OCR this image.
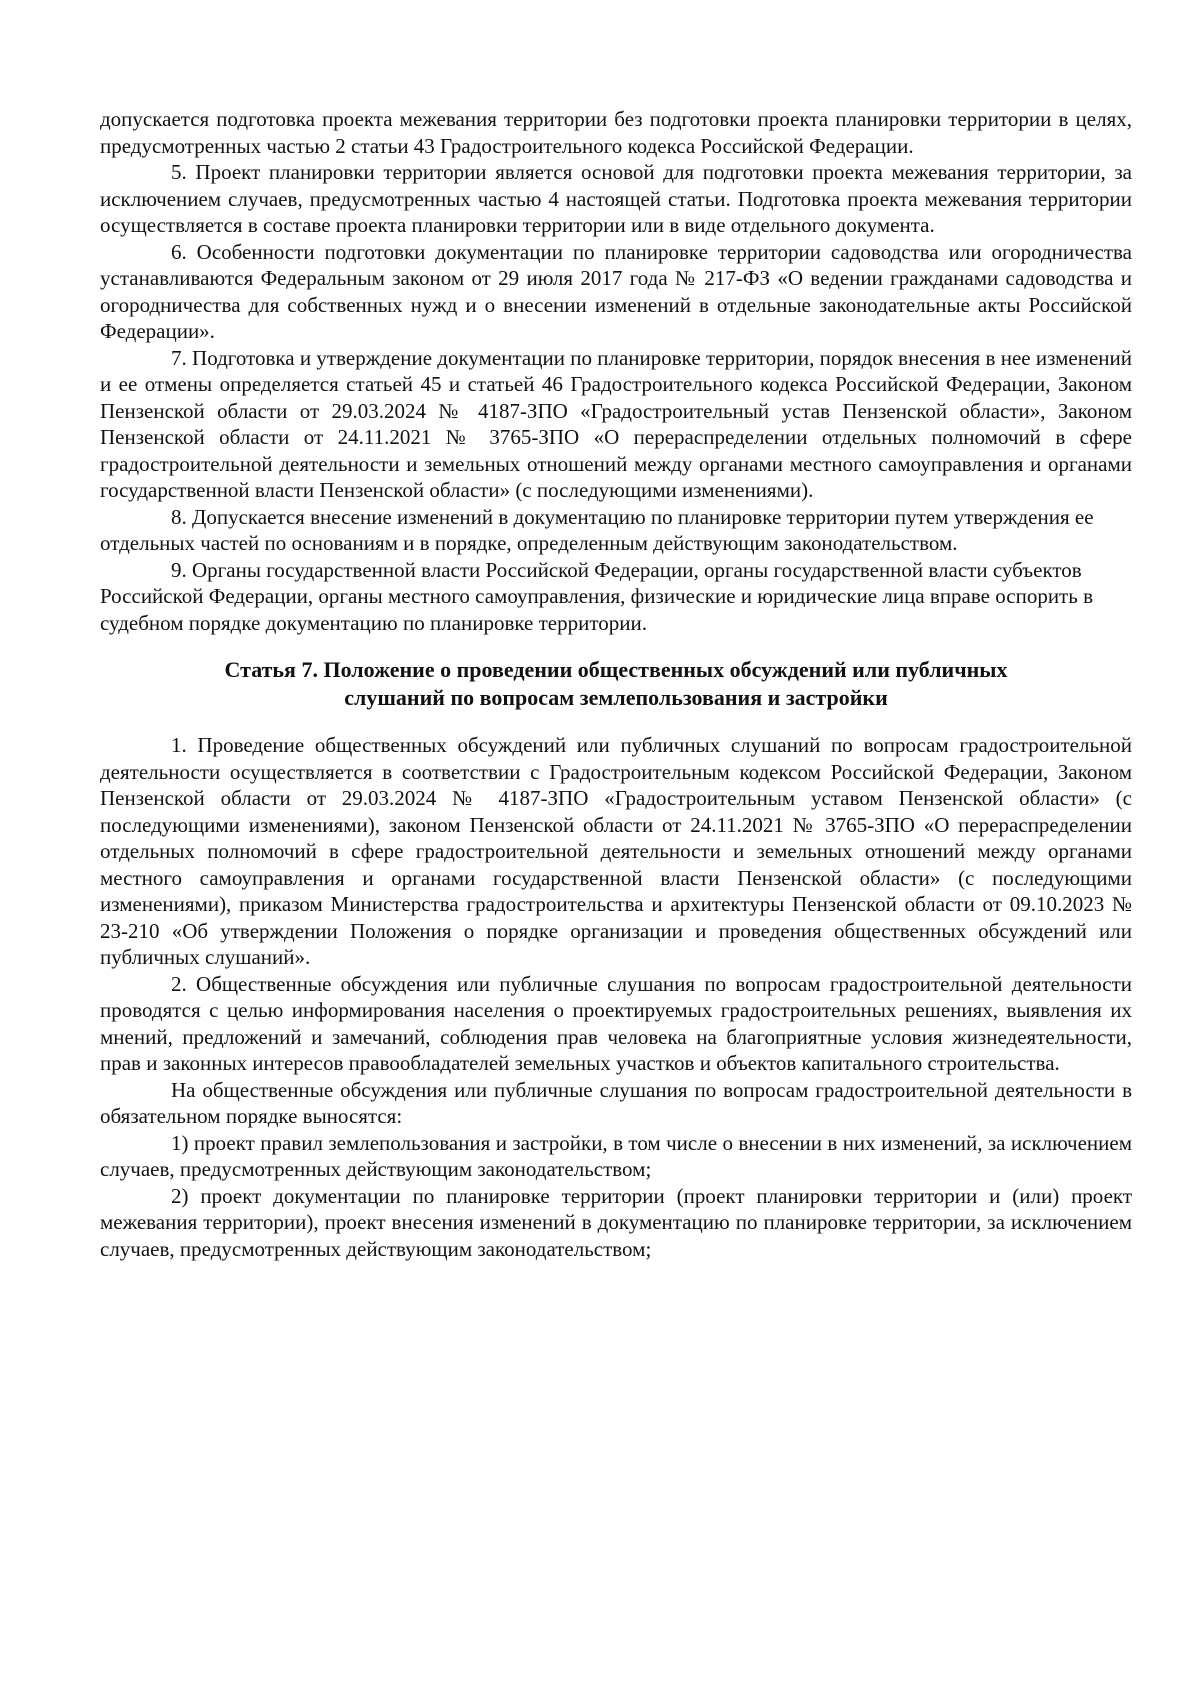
допускается подготовка проекта межевания территории без подготовки проекта планировки территории в целях, предусмотренных частью 2 статьи 43 Градостроительного кодекса Российской Федерации.

5. Проект планировки территории является основой для подготовки проекта межевания территории, за исключением случаев, предусмотренных частью 4 настоящей статьи. Подготовка проекта межевания территории осуществляется в составе проекта планировки территории или в виде отдельного документа.

6. Особенности подготовки документации по планировке территории садоводства или огородничества устанавливаются Федеральным законом от 29 июля 2017 года № 217-ФЗ «О ведении гражданами садоводства и огородничества для собственных нужд и о внесении изменений в отдельные законодательные акты Российской Федерации».

7. Подготовка и утверждение документации по планировке территории, порядок внесения в нее изменений и ее отмены определяется статьей 45 и статьей 46 Градостроительного кодекса Российской Федерации, Законом Пензенской области от 29.03.2024 № 4187-ЗПО «Градостроительный устав Пензенской области», Законом Пензенской области от 24.11.2021 № 3765-ЗПО «О перераспределении отдельных полномочий в сфере градостроительной деятельности и земельных отношений между органами местного самоуправления и органами государственной власти Пензенской области» (с последующими изменениями).

8. Допускается внесение изменений в документацию по планировке территории путем утверждения ее отдельных частей по основаниям и в порядке, определенным действующим законодательством.

9. Органы государственной власти Российской Федерации, органы государственной власти субъектов Российской Федерации, органы местного самоуправления, физические и юридические лица вправе оспорить в судебном порядке документацию по планировке территории.

Статья 7. Положение о проведении общественных обсуждений или публичных
слушаний по вопросам землепользования и застройки

1. Проведение общественных обсуждений или публичных слушаний по вопросам градостроительной деятельности осуществляется в соответствии с Градостроительным кодексом Российской Федерации, Законом Пензенской области от 29.03.2024 № 4187-ЗПО «Градостроительным уставом Пензенской области» (с последующими изменениями), законом Пензенской области от 24.11.2021 № 3765-ЗПО «О перераспределении отдельных полномочий в сфере градостроительной деятельности и земельных отношений между органами местного самоуправления и органами государственной власти Пензенской области» (с последующими изменениями), приказом Министерства градостроительства и архитектуры Пензенской области от 09.10.2023 № 23-210 «Об утверждении Положения о порядке организации и проведения общественных обсуждений или публичных слушаний».

2. Общественные обсуждения или публичные слушания по вопросам градостроительной деятельности проводятся с целью информирования населения о проектируемых градостроительных решениях, выявления их мнений, предложений и замечаний, соблюдения прав человека на благоприятные условия жизнедеятельности, прав и законных интересов правообладателей земельных участков и объектов капитального строительства.

На общественные обсуждения или публичные слушания по вопросам градостроительной деятельности в обязательном порядке выносятся:

1) проект правил землепользования и застройки, в том числе о внесении в них изменений, за исключением случаев, предусмотренных действующим законодательством;

2) проект документации по планировке территории (проект планировки территории и (или) проект межевания территории), проект внесения изменений в документацию по планировке территории, за исключением случаев, предусмотренных действующим законодательством;
